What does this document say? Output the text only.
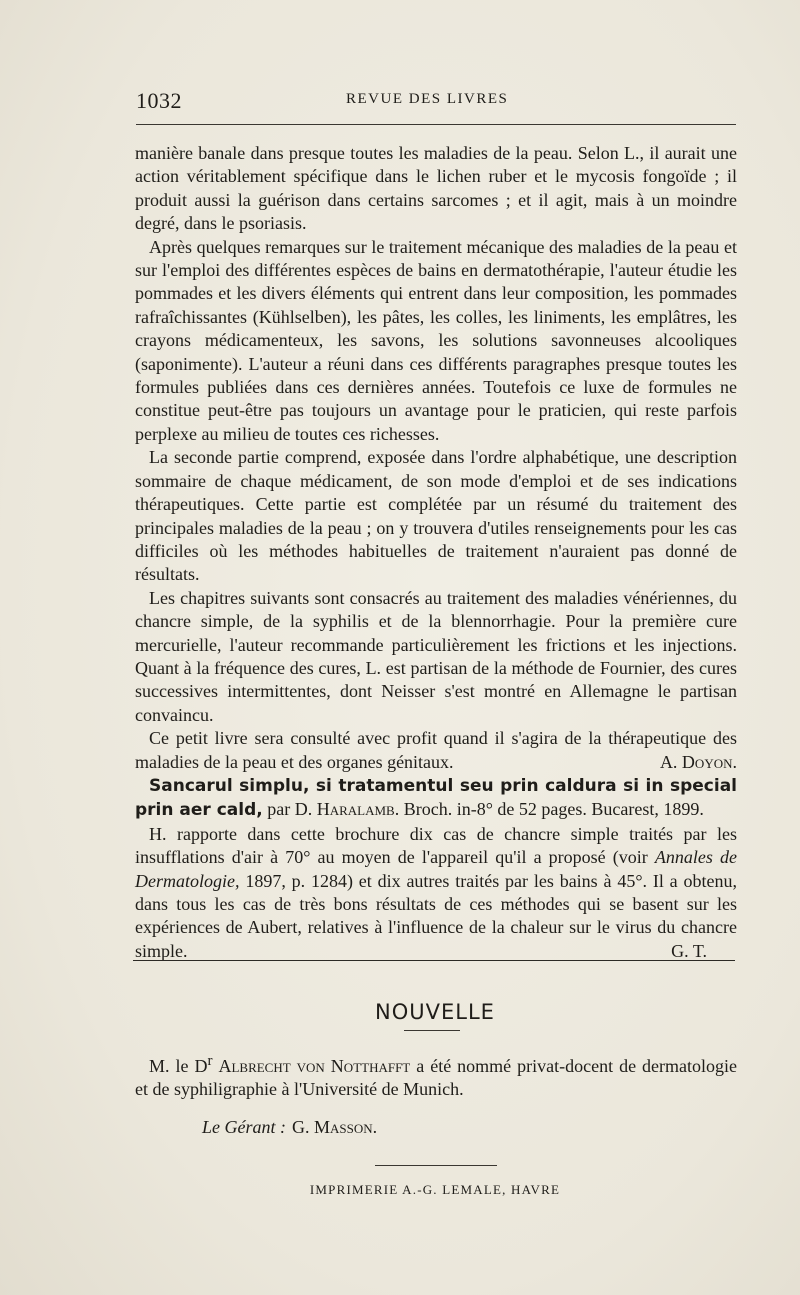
1032	REVUE DES LIVRES

manière banale dans presque toutes les maladies de la peau. Selon L., il aurait une action véritablement spécifique dans le lichen ruber et le mycosis fongoïde ; il produit aussi la guérison dans certains sarcomes ; et il agit, mais à un moindre degré, dans le psoriasis.

Après quelques remarques sur le traitement mécanique des maladies de la peau et sur l'emploi des différentes espèces de bains en dermatothérapie, l'auteur étudie les pommades et les divers éléments qui entrent dans leur composition, les pommades rafraîchissantes (Kühlselben), les pâtes, les colles, les liniments, les emplâtres, les crayons médicamenteux, les savons, les solutions savonneuses alcooliques (saponimente). L'auteur a réuni dans ces différents paragraphes presque toutes les formules publiées dans ces dernières années. Toutefois ce luxe de formules ne constitue peut-être pas toujours un avantage pour le praticien, qui reste parfois perplexe au milieu de toutes ces richesses.

La seconde partie comprend, exposée dans l'ordre alphabétique, une description sommaire de chaque médicament, de son mode d'emploi et de ses indications thérapeutiques. Cette partie est complétée par un résumé du traitement des principales maladies de la peau ; on y trouvera d'utiles renseignements pour les cas difficiles où les méthodes habituelles de traitement n'auraient pas donné de résultats.

Les chapitres suivants sont consacrés au traitement des maladies vénériennes, du chancre simple, de la syphilis et de la blennorrhagie. Pour la première cure mercurielle, l'auteur recommande particulièrement les frictions et les injections. Quant à la fréquence des cures, L. est partisan de la méthode de Fournier, des cures successives intermittentes, dont Neisser s'est montré en Allemagne le partisan convaincu.

Ce petit livre sera consulté avec profit quand il s'agira de la thérapeutique des maladies de la peau et des organes génitaux.	A. Doyon.

Sancarul simplu, si tratamentul seu prin caldura si in special prin aer cald, par D. Haralamb. Broch. in-8° de 52 pages. Bucarest, 1899.

H. rapporte dans cette brochure dix cas de chancre simple traités par les insufflations d'air à 70° au moyen de l'appareil qu'il a proposé (voir Annales de Dermatologie, 1897, p. 1284) et dix autres traités par les bains à 45°. Il a obtenu, dans tous les cas de très bons résultats de ces méthodes qui se basent sur les expériences de Aubert, relatives à l'influence de la chaleur sur le virus du chancre simple.	G. T.

NOUVELLE
M. le $D^r$ Albrecht von Notthafft a été nommé privat-docent de dermatologie et de syphiligraphie à l'Université de Munich.
Le Gérant : G. Masson.
IMPRIMERIE A.-G. LEMALE, HAVRE
